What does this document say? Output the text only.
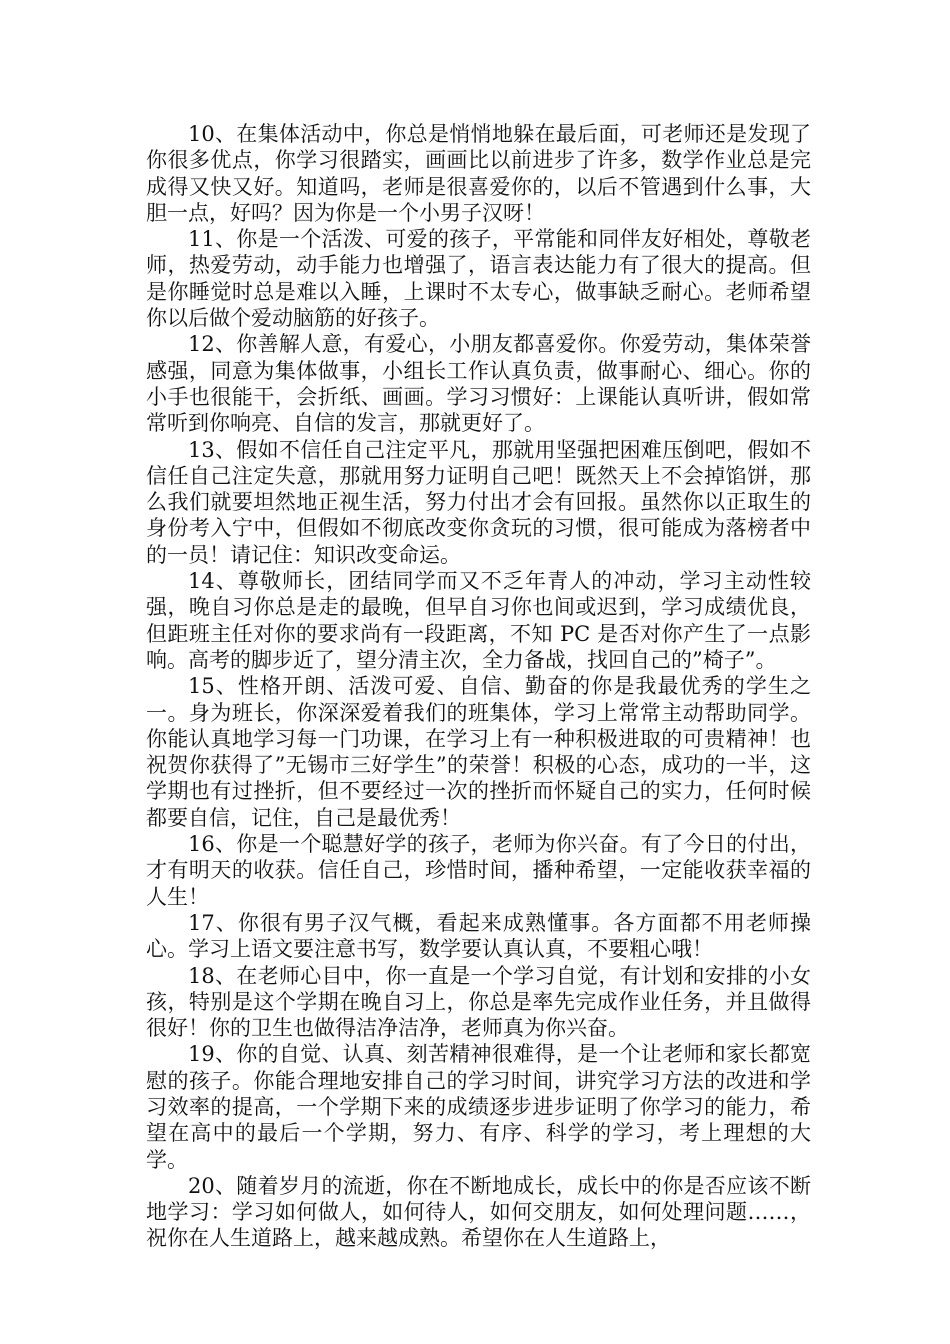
10、在集体活动中，你总是悄悄地躲在最后面，可老师还是发现了你很多优点，你学习很踏实，画画比以前进步了许多，数学作业总是完成得又快又好。知道吗，老师是很喜爱你的，以后不管遇到什么事，大胆一点，好吗？因为你是一个小男子汉呀！

11、你是一个活泼、可爱的孩子，平常能和同伴友好相处，尊敬老师，热爱劳动，动手能力也增强了，语言表达能力有了很大的提高。但是你睡觉时总是难以入睡，上课时不太专心，做事缺乏耐心。老师希望你以后做个爱动脑筋的好孩子。

12、你善解人意，有爱心，小朋友都喜爱你。你爱劳动，集体荣誉感强，同意为集体做事，小组长工作认真负责，做事耐心、细心。你的小手也很能干，会折纸、画画。学习习惯好：上课能认真听讲，假如常常听到你响亮、自信的发言，那就更好了。

13、假如不信任自己注定平凡，那就用坚强把困难压倒吧，假如不信任自己注定失意，那就用努力证明自己吧！既然天上不会掉馅饼，那么我们就要坦然地正视生活，努力付出才会有回报。虽然你以正取生的身份考入宁中，但假如不彻底改变你贪玩的习惯，很可能成为落榜者中的一员！请记住：知识改变命运。

14、尊敬师长，团结同学而又不乏年青人的冲动，学习主动性较强，晚自习你总是走的最晚，但早自习你也间或迟到，学习成绩优良，但距班主任对你的要求尚有一段距离，不知 PC 是否对你产生了一点影响。高考的脚步近了，望分清主次，全力备战，找回自己的”椅子”。

15、性格开朗、活泼可爱、自信、勤奋的你是我最优秀的学生之一。身为班长，你深深爱着我们的班集体，学习上常常主动帮助同学。你能认真地学习每一门功课，在学习上有一种积极进取的可贵精神！也祝贺你获得了”无锡市三好学生”的荣誉！积极的心态，成功的一半，这学期也有过挫折，但不要经过一次的挫折而怀疑自己的实力，任何时候都要自信，记住，自己是最优秀！

16、你是一个聪慧好学的孩子，老师为你兴奋。有了今日的付出，才有明天的收获。信任自己，珍惜时间，播种希望，一定能收获幸福的人生！

17、你很有男子汉气概，看起来成熟懂事。各方面都不用老师操心。学习上语文要注意书写，数学要认真认真，不要粗心哦！

18、在老师心目中，你一直是一个学习自觉，有计划和安排的小女孩，特别是这个学期在晚自习上，你总是率先完成作业任务，并且做得很好！你的卫生也做得洁净洁净，老师真为你兴奋。

19、你的自觉、认真、刻苦精神很难得，是一个让老师和家长都宽慰的孩子。你能合理地安排自己的学习时间，讲究学习方法的改进和学习效率的提高，一个学期下来的成绩逐步进步证明了你学习的能力，希望在高中的最后一个学期，努力、有序、科学的学习，考上理想的大学。

20、随着岁月的流逝，你在不断地成长，成长中的你是否应该不断地学习：学习如何做人，如何待人，如何交朋友，如何处理问题……，祝你在人生道路上，越来越成熟。希望你在人生道路上，
